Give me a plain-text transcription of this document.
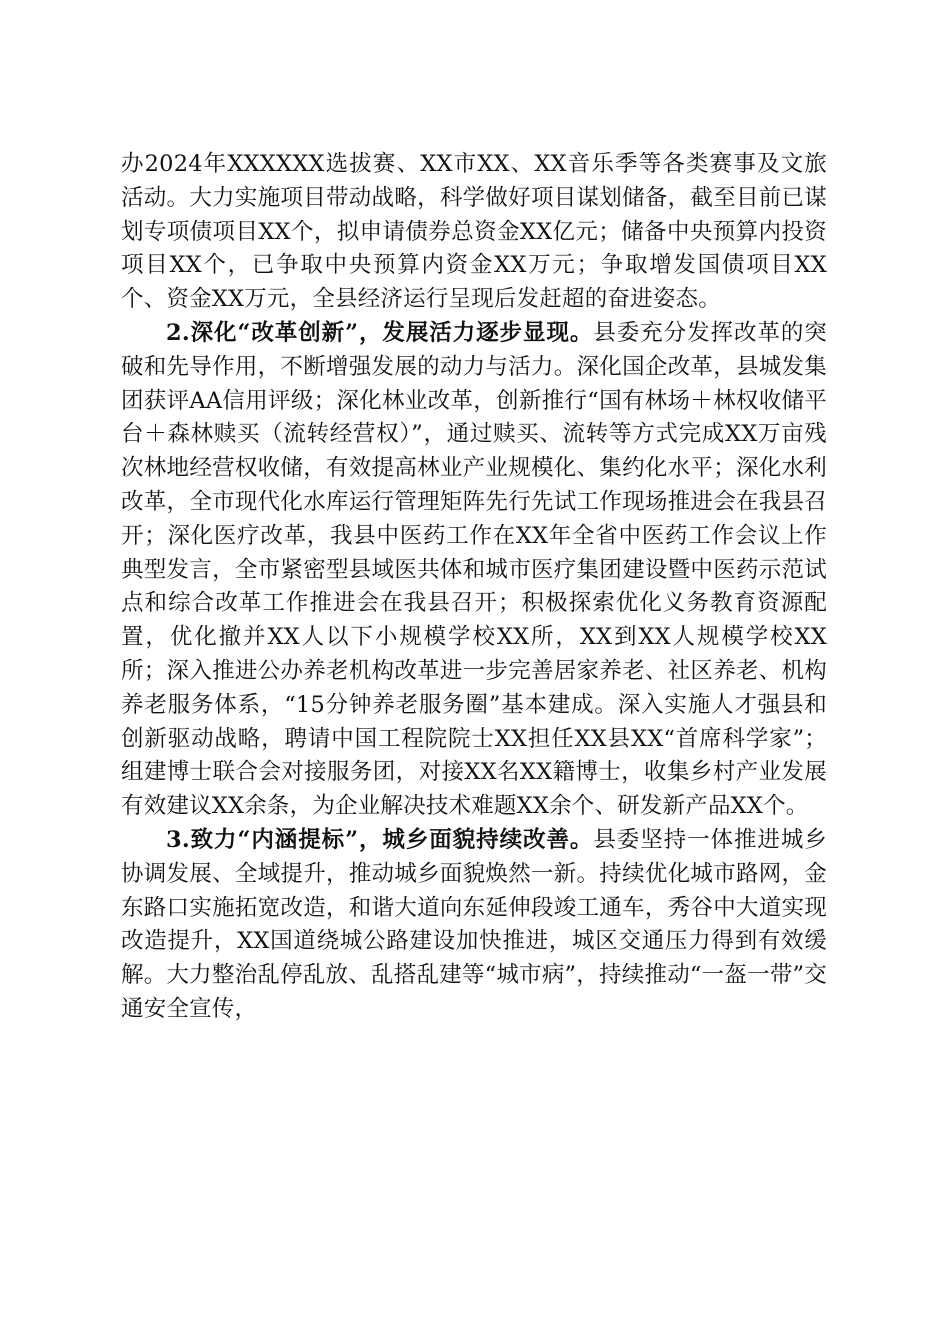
办2024年XXXXXX选拔赛、XX市XX、XX音乐季等各类赛事及文旅活动。大力实施项目带动战略，科学做好项目谋划储备，截至目前已谋划专项债项目XX个，拟申请债券总资金XX亿元；储备中央预算内投资项目XX个，已争取中央预算内资金XX万元；争取增发国债项目XX个、资金XX万元，全县经济运行呈现后发赶超的奋进姿态。

2.深化“改革创新”，发展活力逐步显现。县委充分发挥改革的突破和先导作用，不断增强发展的动力与活力。深化国企改革，县城发集团获评AA信用评级；深化林业改革，创新推行“国有林场＋林权收储平台＋森林赎买（流转经营权）”，通过赎买、流转等方式完成XX万亩残次林地经营权收储，有效提高林业产业规模化、集约化水平；深化水利改革，全市现代化水库运行管理矩阵先行先试工作现场推进会在我县召开；深化医疗改革，我县中医药工作在XX年全省中医药工作会议上作典型发言，全市紧密型县域医共体和城市医疗集团建设暨中医药示范试点和综合改革工作推进会在我县召开；积极探索优化义务教育资源配置，优化撤并XX人以下小规模学校XX所，XX到XX人规模学校XX所；深入推进公办养老机构改革进一步完善居家养老、社区养老、机构养老服务体系，“15分钟养老服务圈”基本建成。深入实施人才强县和创新驱动战略，聘请中国工程院院士XX担任XX县XX“首席科学家”；组建博士联合会对接服务团，对接XX名XX籍博士，收集乡村产业发展有效建议XX余条，为企业解决技术难题XX余个、研发新产品XX个。

3.致力“内涵提标”，城乡面貌持续改善。县委坚持一体推进城乡协调发展、全域提升，推动城乡面貌焕然一新。持续优化城市路网，金东路口实施拓宽改造，和谐大道向东延伸段竣工通车，秀谷中大道实现改造提升，XX国道绕城公路建设加快推进，城区交通压力得到有效缓解。大力整治乱停乱放、乱搭乱建等“城市病”，持续推动“一盔一带”交通安全宣传，
